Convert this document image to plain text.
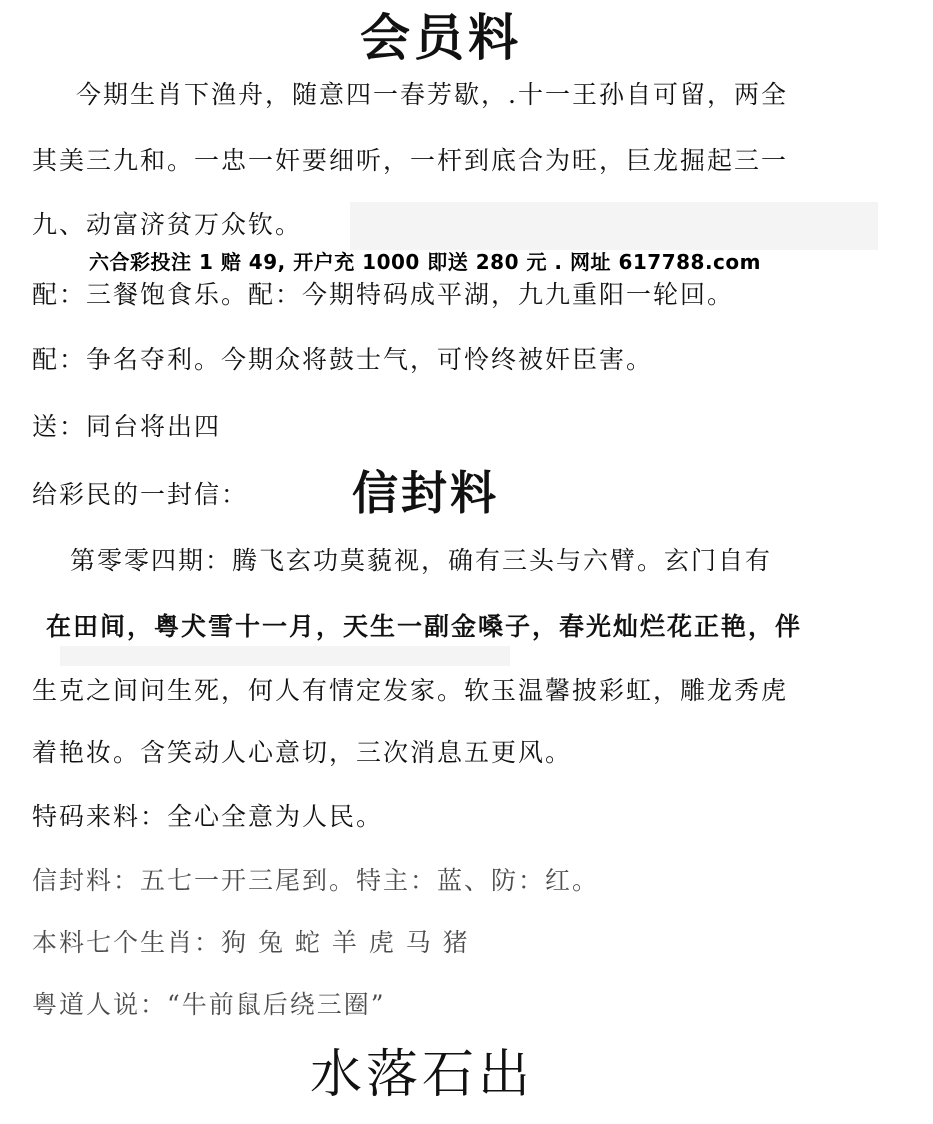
会员料
今期生肖下渔舟，随意四一春芳歇，.十一王孙自可留，两全
其美三九和。一忠一奸要细听，一杆到底合为旺，巨龙掘起三一
九、动富济贫万众钦。
六合彩投注 1 赔 49, 开户充 1000 即送 280 元 . 网址 617788.com
配：三餐饱食乐。配：今期特码成平湖，九九重阳一轮回。
配：争名夺利。今期众将鼓士气，可怜终被奸臣害。
送：同台将出四
给彩民的一封信： 信封料
第零零四期：腾飞玄功莫藐视，确有三头与六臂。玄门自有
在田间，粤犬雪十一月，天生一副金嗓子，春光灿烂花正艳，伴
生克之间问生死，何人有情定发家。软玉温馨披彩虹，雕龙秀虎
着艳妆。含笑动人心意切，三次消息五更风。
特码来料：全心全意为人民。
信封料：五七一开三尾到。特主：蓝、防：红。
本料七个生肖：狗 兔 蛇 羊 虎 马 猪
粤道人说：“牛前鼠后绕三圈”
水落石出
